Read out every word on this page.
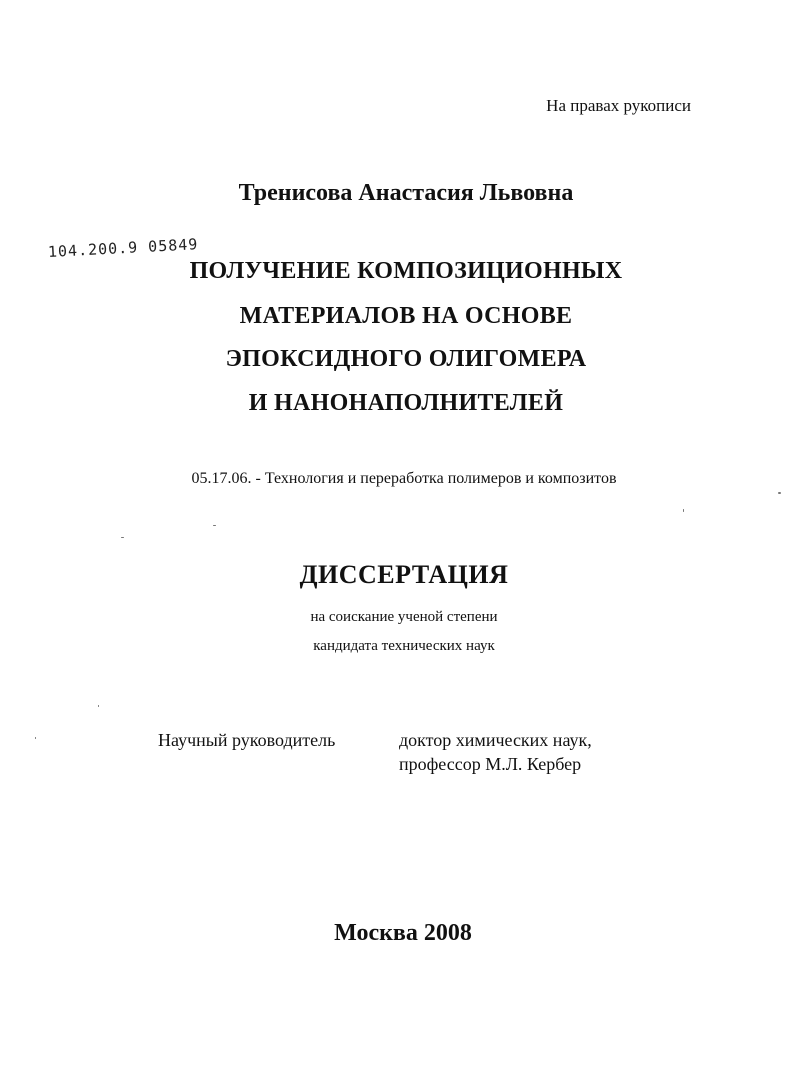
На правах рукописи
Тренисова Анастасия Львовна
104.200.9 05849
ПОЛУЧЕНИЕ КОМПОЗИЦИОННЫХ
МАТЕРИАЛОВ НА ОСНОВЕ
ЭПОКСИДНОГО ОЛИГОМЕРА
И НАНОНАПОЛНИТЕЛЕЙ
05.17.06. - Технология и переработка полимеров и композитов
ДИССЕРТАЦИЯ
на соискание ученой степени
кандидата технических наук
Научный руководитель	доктор химических наук,
профессор М.Л. Кербер
Москва 2008
